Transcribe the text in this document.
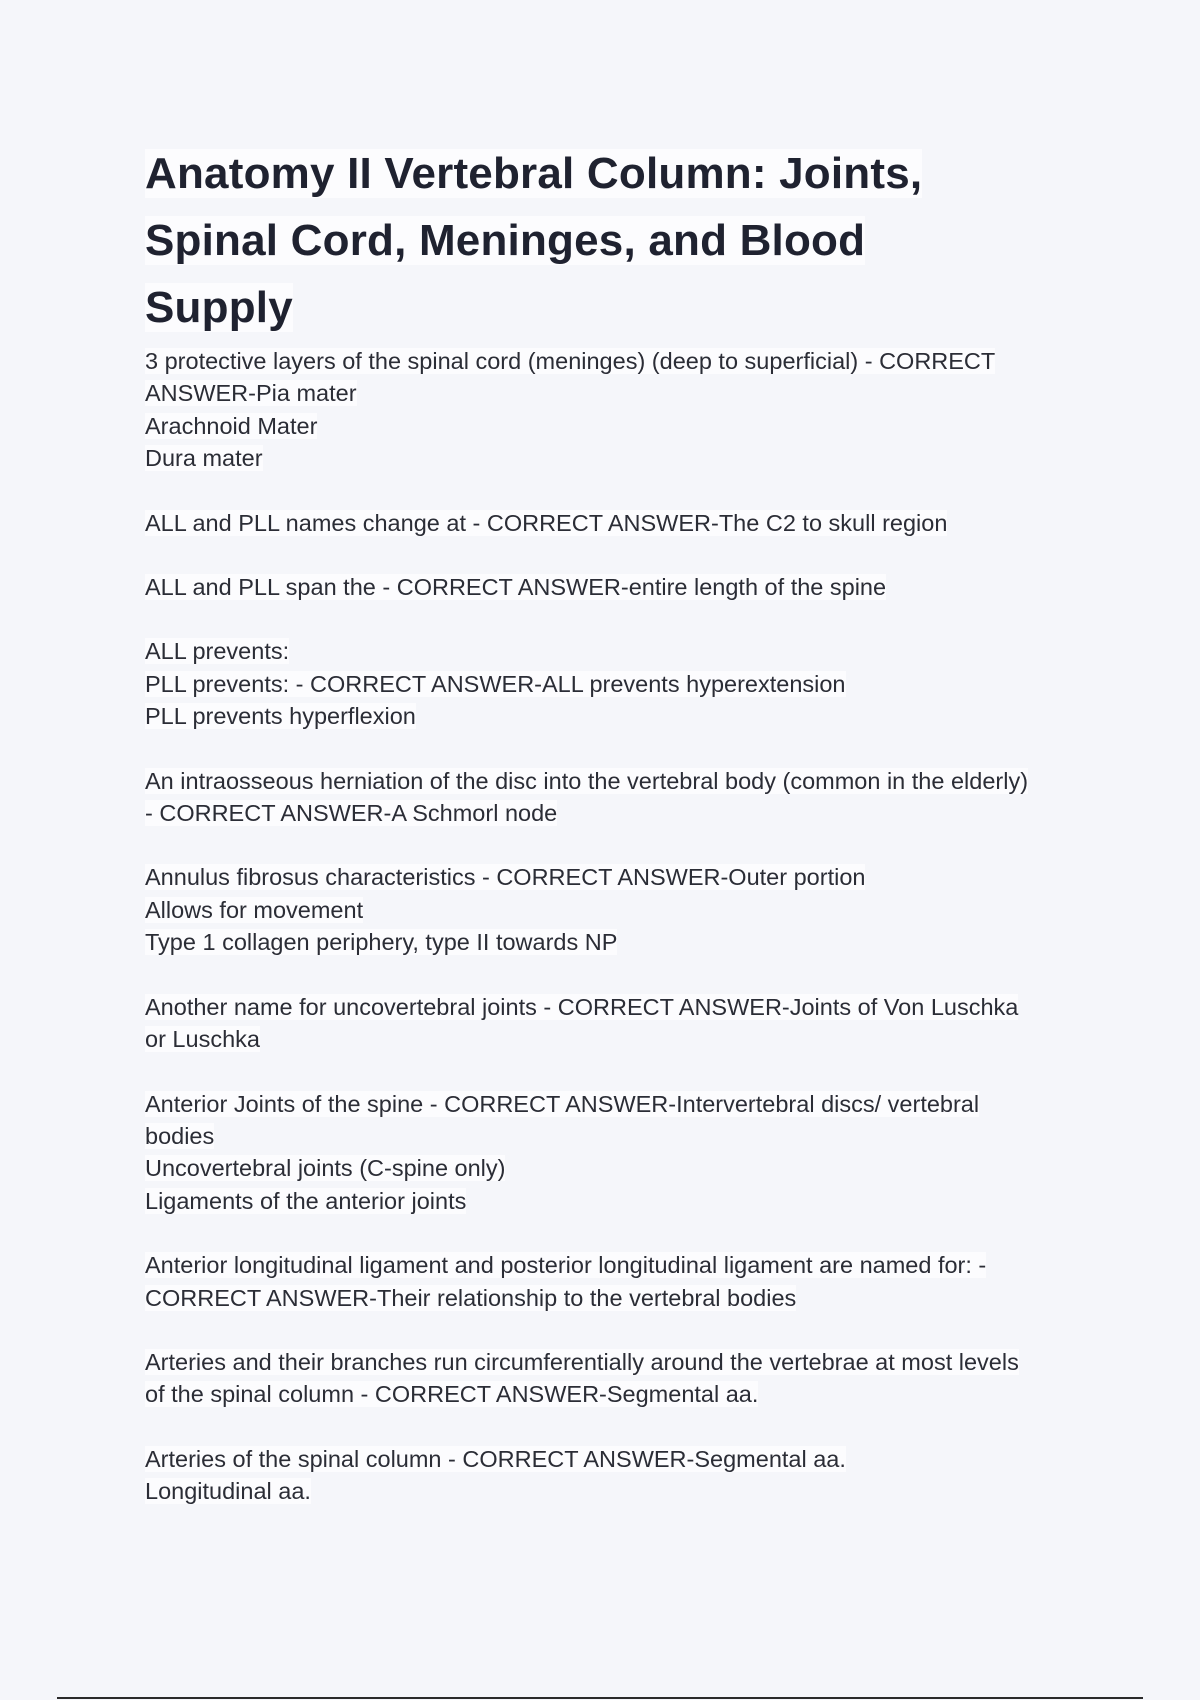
Anatomy II Vertebral Column: Joints,
Spinal Cord, Meninges, and Blood
Supply
3 protective layers of the spinal cord (meninges) (deep to superficial) - CORRECT
ANSWER-Pia mater
Arachnoid Mater
Dura mater
ALL and PLL names change at - CORRECT ANSWER-The C2 to skull region
ALL and PLL span the - CORRECT ANSWER-entire length of the spine
ALL prevents:
PLL prevents: - CORRECT ANSWER-ALL prevents hyperextension
PLL prevents hyperflexion
An intraosseous herniation of the disc into the vertebral body (common in the elderly)
- CORRECT ANSWER-A Schmorl node
Annulus fibrosus characteristics - CORRECT ANSWER-Outer portion
Allows for movement
Type 1 collagen periphery, type II towards NP
Another name for uncovertebral joints - CORRECT ANSWER-Joints of Von Luschka
or Luschka
Anterior Joints of the spine - CORRECT ANSWER-Intervertebral discs/ vertebral
bodies
Uncovertebral joints (C-spine only)
Ligaments of the anterior joints
Anterior longitudinal ligament and posterior longitudinal ligament are named for: -
CORRECT ANSWER-Their relationship to the vertebral bodies
Arteries and their branches run circumferentially around the vertebrae at most levels
of the spinal column - CORRECT ANSWER-Segmental aa.
Arteries of the spinal column - CORRECT ANSWER-Segmental aa.
Longitudinal aa.
